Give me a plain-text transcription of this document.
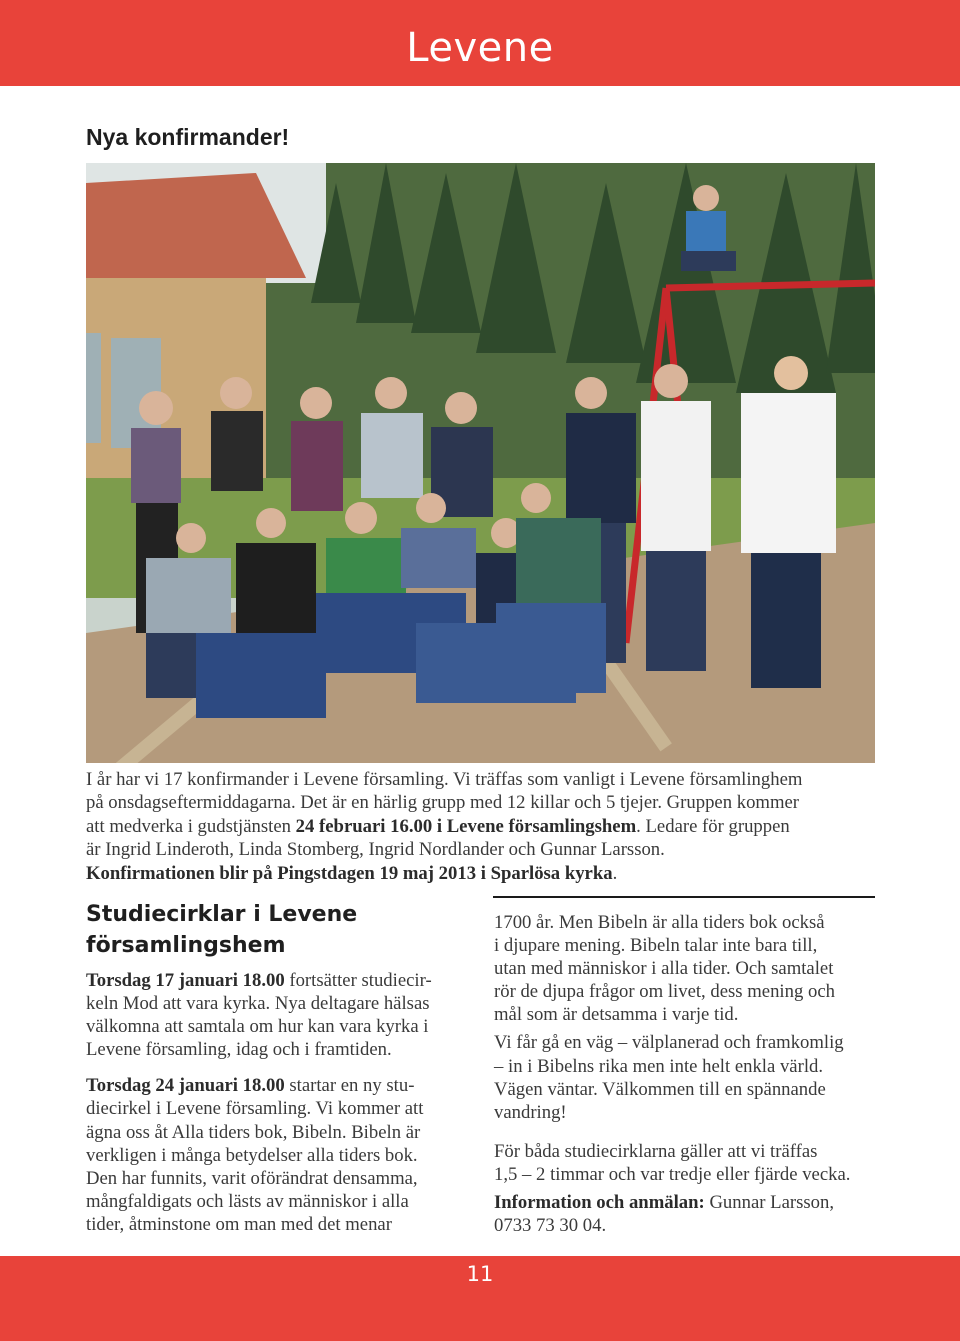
Levene
Nya konfirmander!
I år har vi 17 konfirmander i Levene församling. Vi träffas som vanligt i Levene församlinghem
på onsdagseftermiddagarna. Det är en härlig grupp med 12 killar och 5 tjejer. Gruppen kommer
att medverka i gudstjänsten 24 februari 16.00 i Levene församlingshem. Ledare för gruppen
är Ingrid Linderoth, Linda Stomberg, Ingrid Nordlander och Gunnar Larsson.
Konfirmationen blir på Pingstdagen 19 maj 2013 i Sparlösa kyrka.
Studiecirklar i Levene
församlingshem

Torsdag 17 januari 18.00 fortsätter studiecir-
keln Mod att vara kyrka. Nya deltagare hälsas
välkomna att samtala om hur kan vara kyrka i
Levene församling, idag och i framtiden.

Torsdag 24 januari 18.00 startar en ny stu-
diecirkel i Levene församling. Vi kommer att
ägna oss åt Alla tiders bok, Bibeln. Bibeln är
verkligen i många betydelser alla tiders bok.
Den har funnits, varit oförändrat densamma,
mångfaldigats och lästs av människor i alla
tider, åtminstone om man med det menar

1700 år. Men Bibeln är alla tiders bok också
i djupare mening. Bibeln talar inte bara till,
utan med människor i alla tider. Och samtalet
rör de djupa frågor om livet, dess mening och
mål som är detsamma i varje tid.

Vi får gå en väg – välplanerad och framkomlig
– in i Bibelns rika men inte helt enkla värld.
Vägen väntar. Välkommen till en spännande
vandring!

För båda studiecirklarna gäller att vi träffas
1,5 – 2 timmar och var tredje eller fjärde vecka.

Information och anmälan: Gunnar Larsson,
0733 73 30 04.

11
